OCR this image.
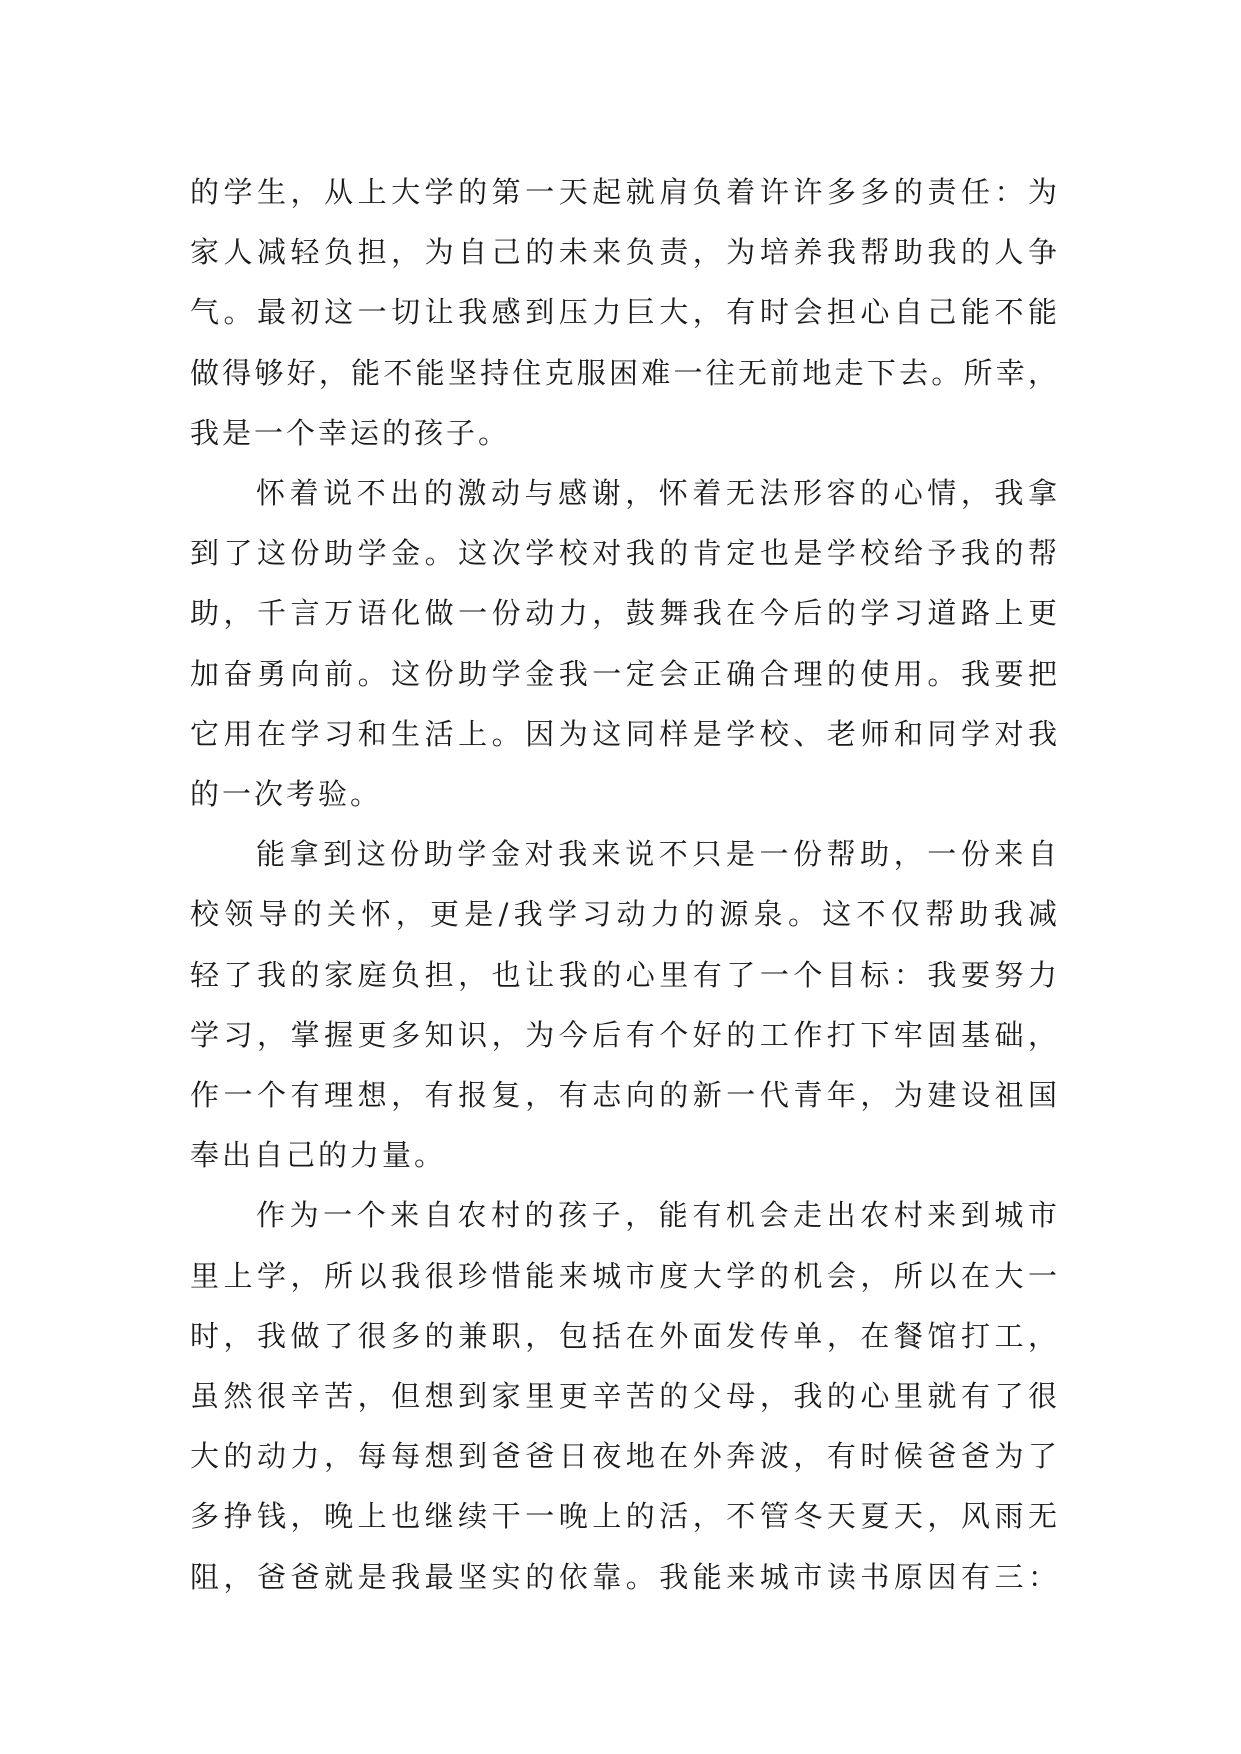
的学生，从上大学的第一天起就肩负着许许多多的责任：为
家人减轻负担，为自己的未来负责，为培养我帮助我的人争
气。最初这一切让我感到压力巨大，有时会担心自己能不能
做得够好，能不能坚持住克服困难一往无前地走下去。所幸，
我是一个幸运的孩子。
怀着说不出的激动与感谢，怀着无法形容的心情，我拿
到了这份助学金。这次学校对我的肯定也是学校给予我的帮
助，千言万语化做一份动力，鼓舞我在今后的学习道路上更
加奋勇向前。这份助学金我一定会正确合理的使用。我要把
它用在学习和生活上。因为这同样是学校、老师和同学对我
的一次考验。
能拿到这份助学金对我来说不只是一份帮助，一份来自
校领导的关怀，更是/我学习动力的源泉。这不仅帮助我减
轻了我的家庭负担，也让我的心里有了一个目标：我要努力
学习，掌握更多知识，为今后有个好的工作打下牢固基础，
作一个有理想，有报复，有志向的新一代青年，为建设祖国
奉出自己的力量。
作为一个来自农村的孩子，能有机会走出农村来到城市
里上学，所以我很珍惜能来城市度大学的机会，所以在大一
时，我做了很多的兼职，包括在外面发传单，在餐馆打工，
虽然很辛苦，但想到家里更辛苦的父母，我的心里就有了很
大的动力，每每想到爸爸日夜地在外奔波，有时候爸爸为了
多挣钱，晚上也继续干一晚上的活，不管冬天夏天，风雨无
阻，爸爸就是我最坚实的依靠。我能来城市读书原因有三：
